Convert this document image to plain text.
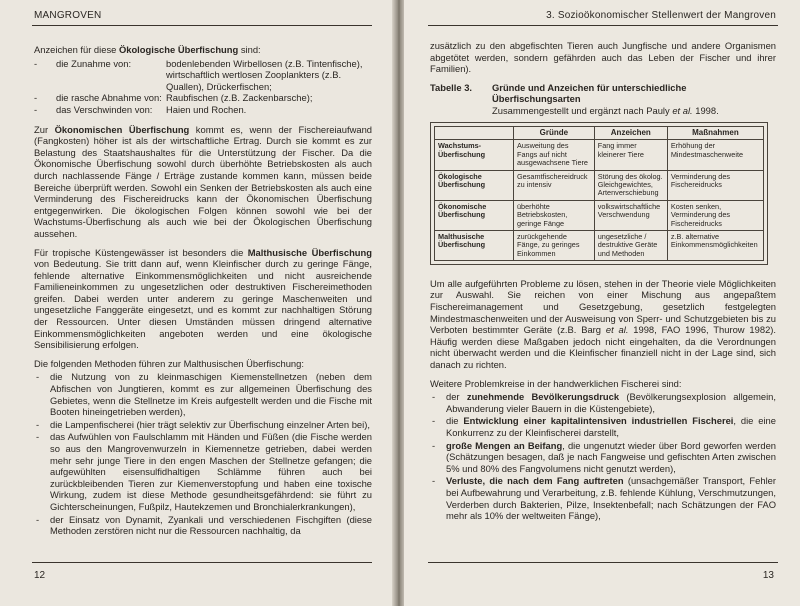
MANGROVEN

Anzeichen für diese Ökologische Überfischung sind:

-	die Zunahme von:	bodenlebenden Wirbellosen (z.B. Tintenfische), wirtschaftlich wertlosen Zooplankters (z.B. Quallen), Drückerfischen;
-	die rasche Abnahme von: Raubfischen (z.B. Zackenbarsche);
-	das Verschwinden von:	Haien und Rochen.

Zur Ökonomischen Überfischung kommt es, wenn der Fischereiaufwand (Fangkosten) höher ist als der wirtschaftliche Ertrag. Durch sie kommt es zur Belastung des Staatshaushaltes für die Unterstützung der Fischer. Da die Ökonomische Überfischung sowohl durch überhöhte Betriebskosten als auch durch nachlassende Fänge / Erträge zustande kommen kann, müssen beide Bereiche überprüft werden. Sowohl ein Senken der Betriebskosten als auch eine Verminderung des Fischereidrucks kann der Ökonomischen Überfischung entgegenwirken. Die ökologischen Folgen können sowohl wie bei der Wachstums-Überfischung als auch wie bei der Ökologischen Überfischung aussehen.

Für tropische Küstengewässer ist besonders die Malthusische Überfischung von Bedeutung. Sie tritt dann auf, wenn Kleinfischer durch zu geringe Fänge, fehlende alternative Einkommensmöglichkeiten und nicht ausreichende Familieneinkommen zu ungesetzlichen oder destruktiven Fischereimethoden greifen. Dabei werden unter anderem zu geringe Maschenweiten und ungesetzliche Fanggeräte eingesetzt, und es kommt zur nachhaltigen Störung der Ressourcen. Unter diesen Umständen müssen dringend alternative Einkommensmöglichkeiten angeboten werden und eine ökologische Sensibilisierung erfolgen.

Die folgenden Methoden führen zur Malthusischen Überfischung:

- die Nutzung von zu kleinmaschigen Kiemenstellnetzen (neben dem Abfischen von Jungtieren, kommt es zur allgemeinen Überfischung des Gebietes, wenn die Stellnetze im Kreis aufgestellt werden und die Fische mit Booten hineingetrieben werden),
- die Lampenfischerei (hier trägt selektiv zur Überfischung einzelner Arten bei),
- das Aufwühlen von Faulschlamm mit Händen und Füßen (die Fische werden so aus den Mangrovenwurzeln in Kiemennetze getrieben, dabei werden mehr sehr junge Tiere in den engen Maschen der Stellnetze gefangen; die aufgewühlten eisensulfidhaltigen Schlämme führen auch bei zurückbleibenden Tieren zur Kiemenverstopfung und haben eine toxische Wirkung, zudem ist diese Methode gesundheitsgefährdend: sie führt zu Gichterscheinungen, Fußpilz, Hautekzemen und Bronchialerkrankungen),
- der Einsatz von Dynamit, Zyankali und verschiedenen Fischgiften (diese Methoden zerstören nicht nur die Ressourcen nachhaltig, da
12
3. Sozioökonomischer Stellenwert der Mangroven

zusätzlich zu den abgefischten Tieren auch Jungfische und andere Organismen abgetötet werden, sondern gefährden auch das Leben der Fischer und ihrer Familien).

Tabelle 3.	Gründe und Anzeichen für unterschiedliche Überfischungsarten
Zusammengestellt und ergänzt nach Pauly et al. 1998.
	Gründe	Anzeichen	Maßnahmen
Wachstums-Überfischung	Ausweitung des Fangs auf nicht ausgewachsene Tiere	Fang immer kleinerer Tiere	Erhöhung der Mindestmaschenweite
Ökologische Überfischung	Gesamtfischereidruck zu intensiv	Störung des ökolog. Gleichgewichtes, Artenverschiebung	Verminderung des Fischereidrucks
Ökonomische Überfischung	überhöhte Betriebskosten, geringe Fänge	volkswirtschaftliche Verschwendung	Kosten senken, Verminderung des Fischereidrucks
Malthusische Überfischung	zurückgehende Fänge, zu geringes Einkommen	ungesetzliche / destruktive Geräte und Methoden	z.B. alternative Einkommensmöglichkeiten

Um alle aufgeführten Probleme zu lösen, stehen in der Theorie viele Möglichkeiten zur Auswahl. Sie reichen von einer Mischung aus angepaßtem Fischereimanagement und Gesetzgebung, gesetzlich festgelegten Mindestmaschenweiten und der Ausweisung von Sperr- und Schutzgebieten bis zu Verboten bestimmter Geräte (z.B. Barg et al. 1998, FAO 1996, Thurow 1982). Häufig werden diese Maßgaben jedoch nicht eingehalten, da die Verordnungen nicht überwacht werden und die Kleinfischer finanziell nicht in der Lage sind, sich danach zu richten.

Weitere Problemkreise in der handwerklichen Fischerei sind:

- der zunehmende Bevölkerungsdruck (Bevölkerungsexplosion allgemein, Abwanderung vieler Bauern in die Küstengebiete),
- die Entwicklung einer kapitalintensiven industriellen Fischerei, die eine Konkurrenz zu der Kleinfischerei darstellt,
- große Mengen an Beifang, die ungenutzt wieder über Bord geworfen werden (Schätzungen besagen, daß je nach Fangweise und gefischten Arten zwischen 5% und 80% des Fangvolumens nicht genutzt werden),
- Verluste, die nach dem Fang auftreten (unsachgemäßer Transport, Fehler bei Aufbewahrung und Verarbeitung, z.B. fehlende Kühlung, Verschmutzungen, Verderben durch Bakterien, Pilze, Insektenbefall; nach Schätzungen der FAO mehr als 10% der weltweiten Fänge),
13
